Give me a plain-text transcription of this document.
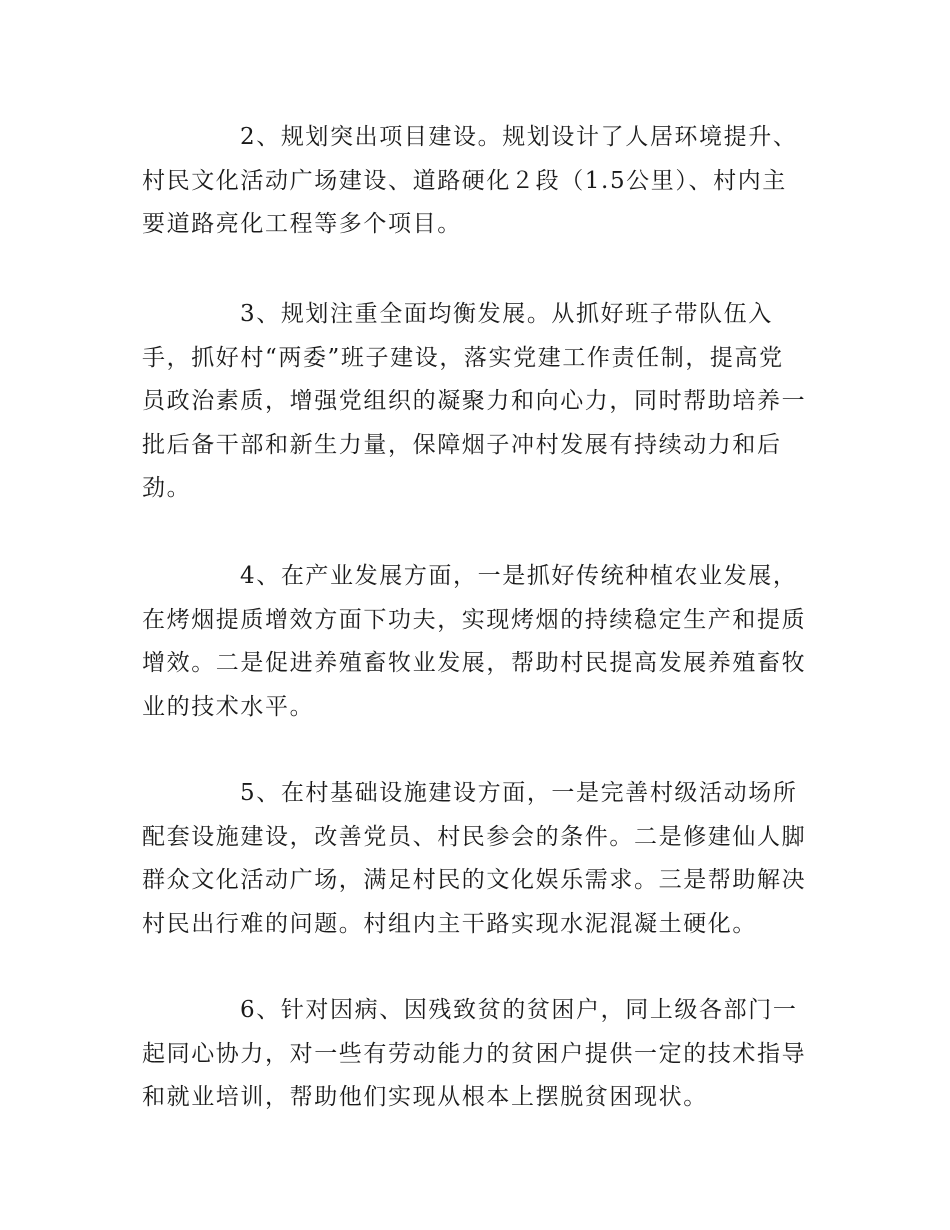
2、规划突出项目建设。规划设计了人居环境提升、
村民文化活动广场建设、道路硬化２段（1.5公里）、村内主
要道路亮化工程等多个项目。
3、规划注重全面均衡发展。从抓好班子带队伍入
手，抓好村“两委”班子建设，落实党建工作责任制，提高党
员政治素质，增强党组织的凝聚力和向心力，同时帮助培养一
批后备干部和新生力量，保障烟子冲村发展有持续动力和后
劲。
4、在产业发展方面，一是抓好传统种植农业发展，
在烤烟提质增效方面下功夫，实现烤烟的持续稳定生产和提质
增效。二是促进养殖畜牧业发展，帮助村民提高发展养殖畜牧
业的技术水平。
5、在村基础设施建设方面，一是完善村级活动场所
配套设施建设，改善党员、村民参会的条件。二是修建仙人脚
群众文化活动广场，满足村民的文化娱乐需求。三是帮助解决
村民出行难的问题。村组内主干路实现水泥混凝土硬化。
6、针对因病、因残致贫的贫困户，同上级各部门一
起同心协力，对一些有劳动能力的贫困户提供一定的技术指导
和就业培训，帮助他们实现从根本上摆脱贫困现状。
